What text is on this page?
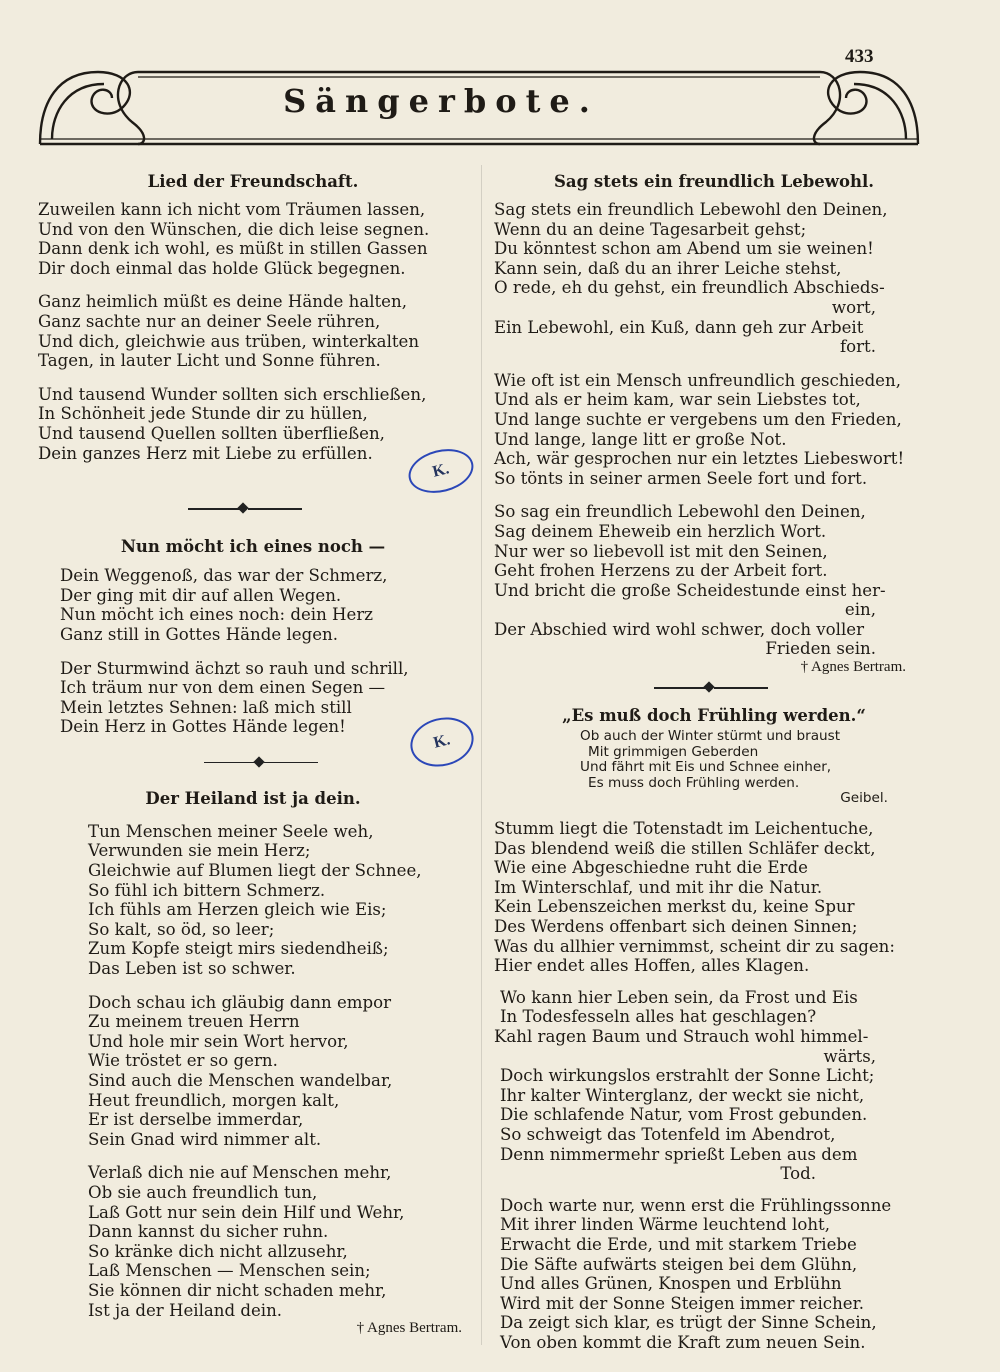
433
Sängerbote.
Lied der Freundschaft.
Zuweilen kann ich nicht vom Träumen lassen,
Und von den Wünschen, die dich leise segnen.
Dann denk ich wohl, es müßt in stillen Gassen
Dir doch einmal das holde Glück begegnen.
Ganz heimlich müßt es deine Hände halten,
Ganz sachte nur an deiner Seele rühren,
Und dich, gleichwie aus trüben, winterkalten
Tagen, in lauter Licht und Sonne führen.
Und tausend Wunder sollten sich erschließen,
In Schönheit jede Stunde dir zu hüllen,
Und tausend Quellen sollten überfließen,
Dein ganzes Herz mit Liebe zu erfüllen.
Nun möcht ich eines noch —
Dein Weggenoß, das war der Schmerz,
Der ging mit dir auf allen Wegen.
Nun möcht ich eines noch: dein Herz
Ganz still in Gottes Hände legen.
Der Sturmwind ächzt so rauh und schrill,
Ich träum nur von dem einen Segen —
Mein letztes Sehnen: laß mich still
Dein Herz in Gottes Hände legen!
Der Heiland ist ja dein.
Tun Menschen meiner Seele weh,
Verwunden sie mein Herz;
Gleichwie auf Blumen liegt der Schnee,
So fühl ich bittern Schmerz.
Ich fühls am Herzen gleich wie Eis;
So kalt, so öd, so leer;
Zum Kopfe steigt mirs siedendheiß;
Das Leben ist so schwer.
Doch schau ich gläubig dann empor
Zu meinem treuen Herrn
Und hole mir sein Wort hervor,
Wie tröstet er so gern.
Sind auch die Menschen wandelbar,
Heut freundlich, morgen kalt,
Er ist derselbe immerdar,
Sein Gnad wird nimmer alt.
Verlaß dich nie auf Menschen mehr,
Ob sie auch freundlich tun,
Laß Gott nur sein dein Hilf und Wehr,
Dann kannst du sicher ruhn.
So kränke dich nicht allzusehr,
Laß Menschen — Menschen sein;
Sie können dir nicht schaden mehr,
Ist ja der Heiland dein.
† Agnes Bertram.
K.
K.
Sag stets ein freundlich Lebewohl.
Sag stets ein freundlich Lebewohl den Deinen,
Wenn du an deine Tagesarbeit gehst;
Du könntest schon am Abend um sie weinen!
Kann sein, daß du an ihrer Leiche stehst,
O rede, eh du gehst, ein freundlich Abschieds-
wort,
Ein Lebewohl, ein Kuß, dann geh zur Arbeit
fort.
Wie oft ist ein Mensch unfreundlich geschieden,
Und als er heim kam, war sein Liebstes tot,
Und lange suchte er vergebens um den Frieden,
Und lange, lange litt er große Not.
Ach, wär gesprochen nur ein letztes Liebeswort!
So tönts in seiner armen Seele fort und fort.
So sag ein freundlich Lebewohl den Deinen,
Sag deinem Eheweib ein herzlich Wort.
Nur wer so liebevoll ist mit den Seinen,
Geht frohen Herzens zu der Arbeit fort.
Und bricht die große Scheidestunde einst her-
ein,
Der Abschied wird wohl schwer, doch voller
Frieden sein.
† Agnes Bertram.
„Es muß doch Frühling werden.“
Ob auch der Winter stürmt und braust
Mit grimmigen Geberden
Und fährt mit Eis und Schnee einher,
Es muss doch Frühling werden.
Geibel.
Stumm liegt die Totenstadt im Leichentuche,
Das blendend weiß die stillen Schläfer deckt,
Wie eine Abgeschiedne ruht die Erde
Im Winterschlaf, und mit ihr die Natur.
Kein Lebenszeichen merkst du, keine Spur
Des Werdens offenbart sich deinen Sinnen;
Was du allhier vernimmst, scheint dir zu sagen:
Hier endet alles Hoffen, alles Klagen.
Wo kann hier Leben sein, da Frost und Eis
In Todesfesseln alles hat geschlagen?
Kahl ragen Baum und Strauch wohl himmel-
wärts,
Doch wirkungslos erstrahlt der Sonne Licht;
Ihr kalter Winterglanz, der weckt sie nicht,
Die schlafende Natur, vom Frost gebunden.
So schweigt das Totenfeld im Abendrot,
Denn nimmermehr sprießt Leben aus dem
Tod.
Doch warte nur, wenn erst die Frühlingssonne
Mit ihrer linden Wärme leuchtend loht,
Erwacht die Erde, und mit starkem Triebe
Die Säfte aufwärts steigen bei dem Glühn,
Und alles Grünen, Knospen und Erblühn
Wird mit der Sonne Steigen immer reicher.
Da zeigt sich klar, es trügt der Sinne Schein,
Von oben kommt die Kraft zum neuen Sein.
